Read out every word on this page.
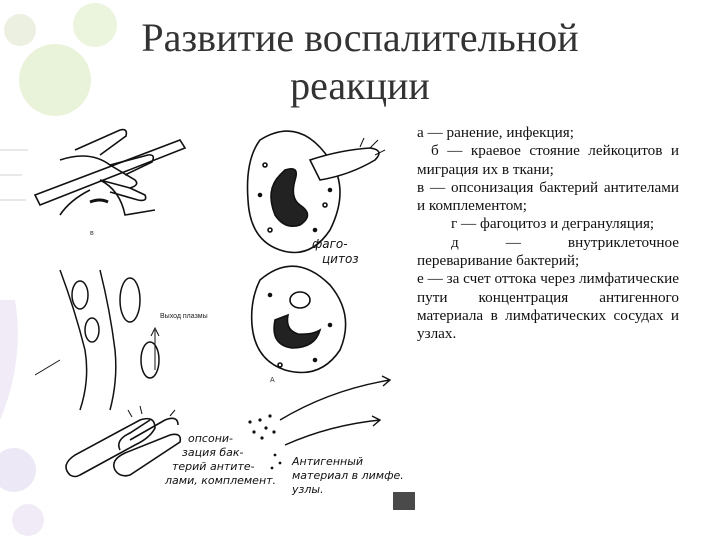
Развитие воспалительной реакции
в
фаго-
цитоз
Выход плазмы
А
опсони-
зация бак-
терий антите-
лами, комплемент.
Антигенный
материал в лимфе.
узлы.

а — ранение, инфекция;

б — краевое стояние лейкоцитов и миграция их в ткани;

в — опсонизация бактерий антителами и комплементом;

г — фагоцитоз и дегрануляция;

д — внутриклеточное переваривание бактерий;

е — за счет оттока через лимфатические пути концентрация антигенного материала в лимфатических сосудах и узлах.
